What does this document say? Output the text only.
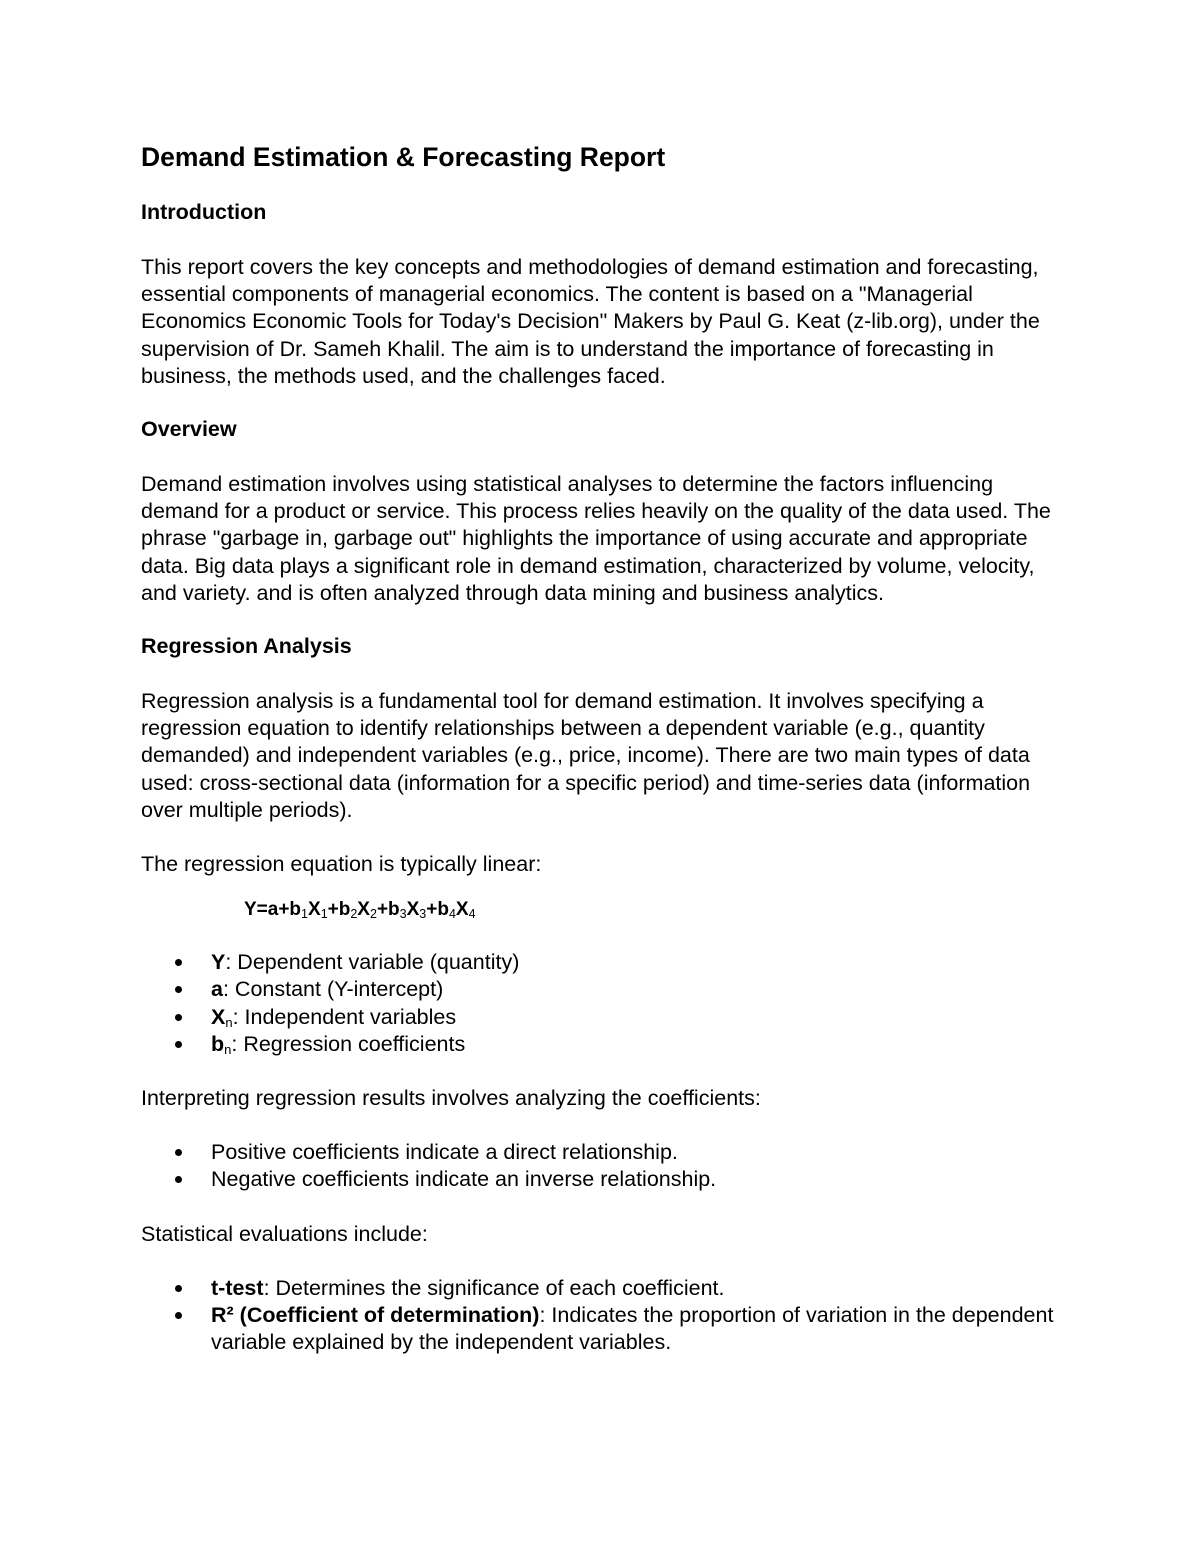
Demand Estimation & Forecasting Report
Introduction

This report covers the key concepts and methodologies of demand estimation and forecasting, essential components of managerial economics. The content is based on a "Managerial Economics Economic Tools for Today's Decision" Makers by Paul G. Keat (z-lib.org), under the supervision of Dr. Sameh Khalil. The aim is to understand the importance of forecasting in business, the methods used, and the challenges faced.

Overview

Demand estimation involves using statistical analyses to determine the factors influencing demand for a product or service. This process relies heavily on the quality of the data used. The phrase "garbage in, garbage out" highlights the importance of using accurate and appropriate data. Big data plays a significant role in demand estimation, characterized by volume, velocity, and variety. and is often analyzed through data mining and business analytics.

Regression Analysis

Regression analysis is a fundamental tool for demand estimation. It involves specifying a regression equation to identify relationships between a dependent variable (e.g., quantity demanded) and independent variables (e.g., price, income). There are two main types of data used: cross-sectional data (information for a specific period) and time-series data (information over multiple periods).

The regression equation is typically linear:

$Y=a+b_1X_1+b_2X_2+b_3X_3+b_4X_4$
Y: Dependent variable (quantity)
a: Constant (Y-intercept)
$X_n$: Independent variables
$b_n$: Regression coefficients

Interpreting regression results involves analyzing the coefficients:

Positive coefficients indicate a direct relationship.
Negative coefficients indicate an inverse relationship.

Statistical evaluations include:

t-test: Determines the significance of each coefficient.
R² (Coefficient of determination): Indicates the proportion of variation in the dependent variable explained by the independent variables.
